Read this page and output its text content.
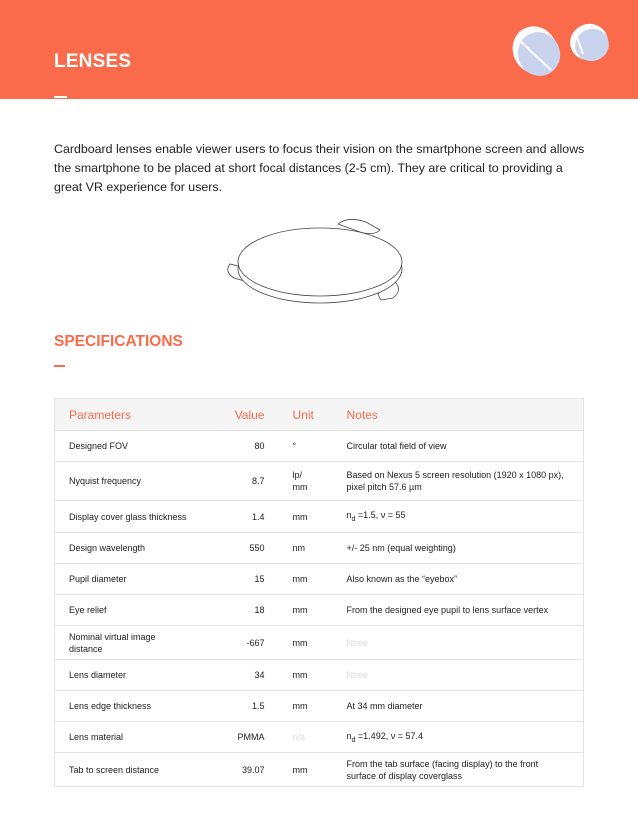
LENSES

Cardboard lenses enable viewer users to focus their vision on the smartphone screen and allows the smartphone to be placed at short focal distances (2-5 cm). They are critical to providing a great VR experience for users.

SPECIFICATIONS
Parameters	Value	Unit	Notes
Designed FOV	80	°	Circular total field of view
Nyquist frequency	8.7	lp/ mm	Based on Nexus 5 screen resolution (1920 x 1080 px), pixel pitch 57.6 µm
Display cover glass thickness	1.4	mm	$n_d =1.5$, ν = 55
Design wavelength	550	nm	+/- 25 nm (equal weighting)
Pupil diameter	15	mm	Also known as the “eyebox”
Eye relief	18	mm	From the designed eye pupil to lens surface vertex
Nominal virtual image distance	-667	mm	None
Lens diameter	34	mm	None
Lens edge thickness	1.5	mm	At 34 mm diameter
Lens material	PMMA	n/a	$n_d =1.492$, ν = 57.4
Tab to screen distance	39.07	mm	From the tab surface (facing display) to the front surface of display coverglass
